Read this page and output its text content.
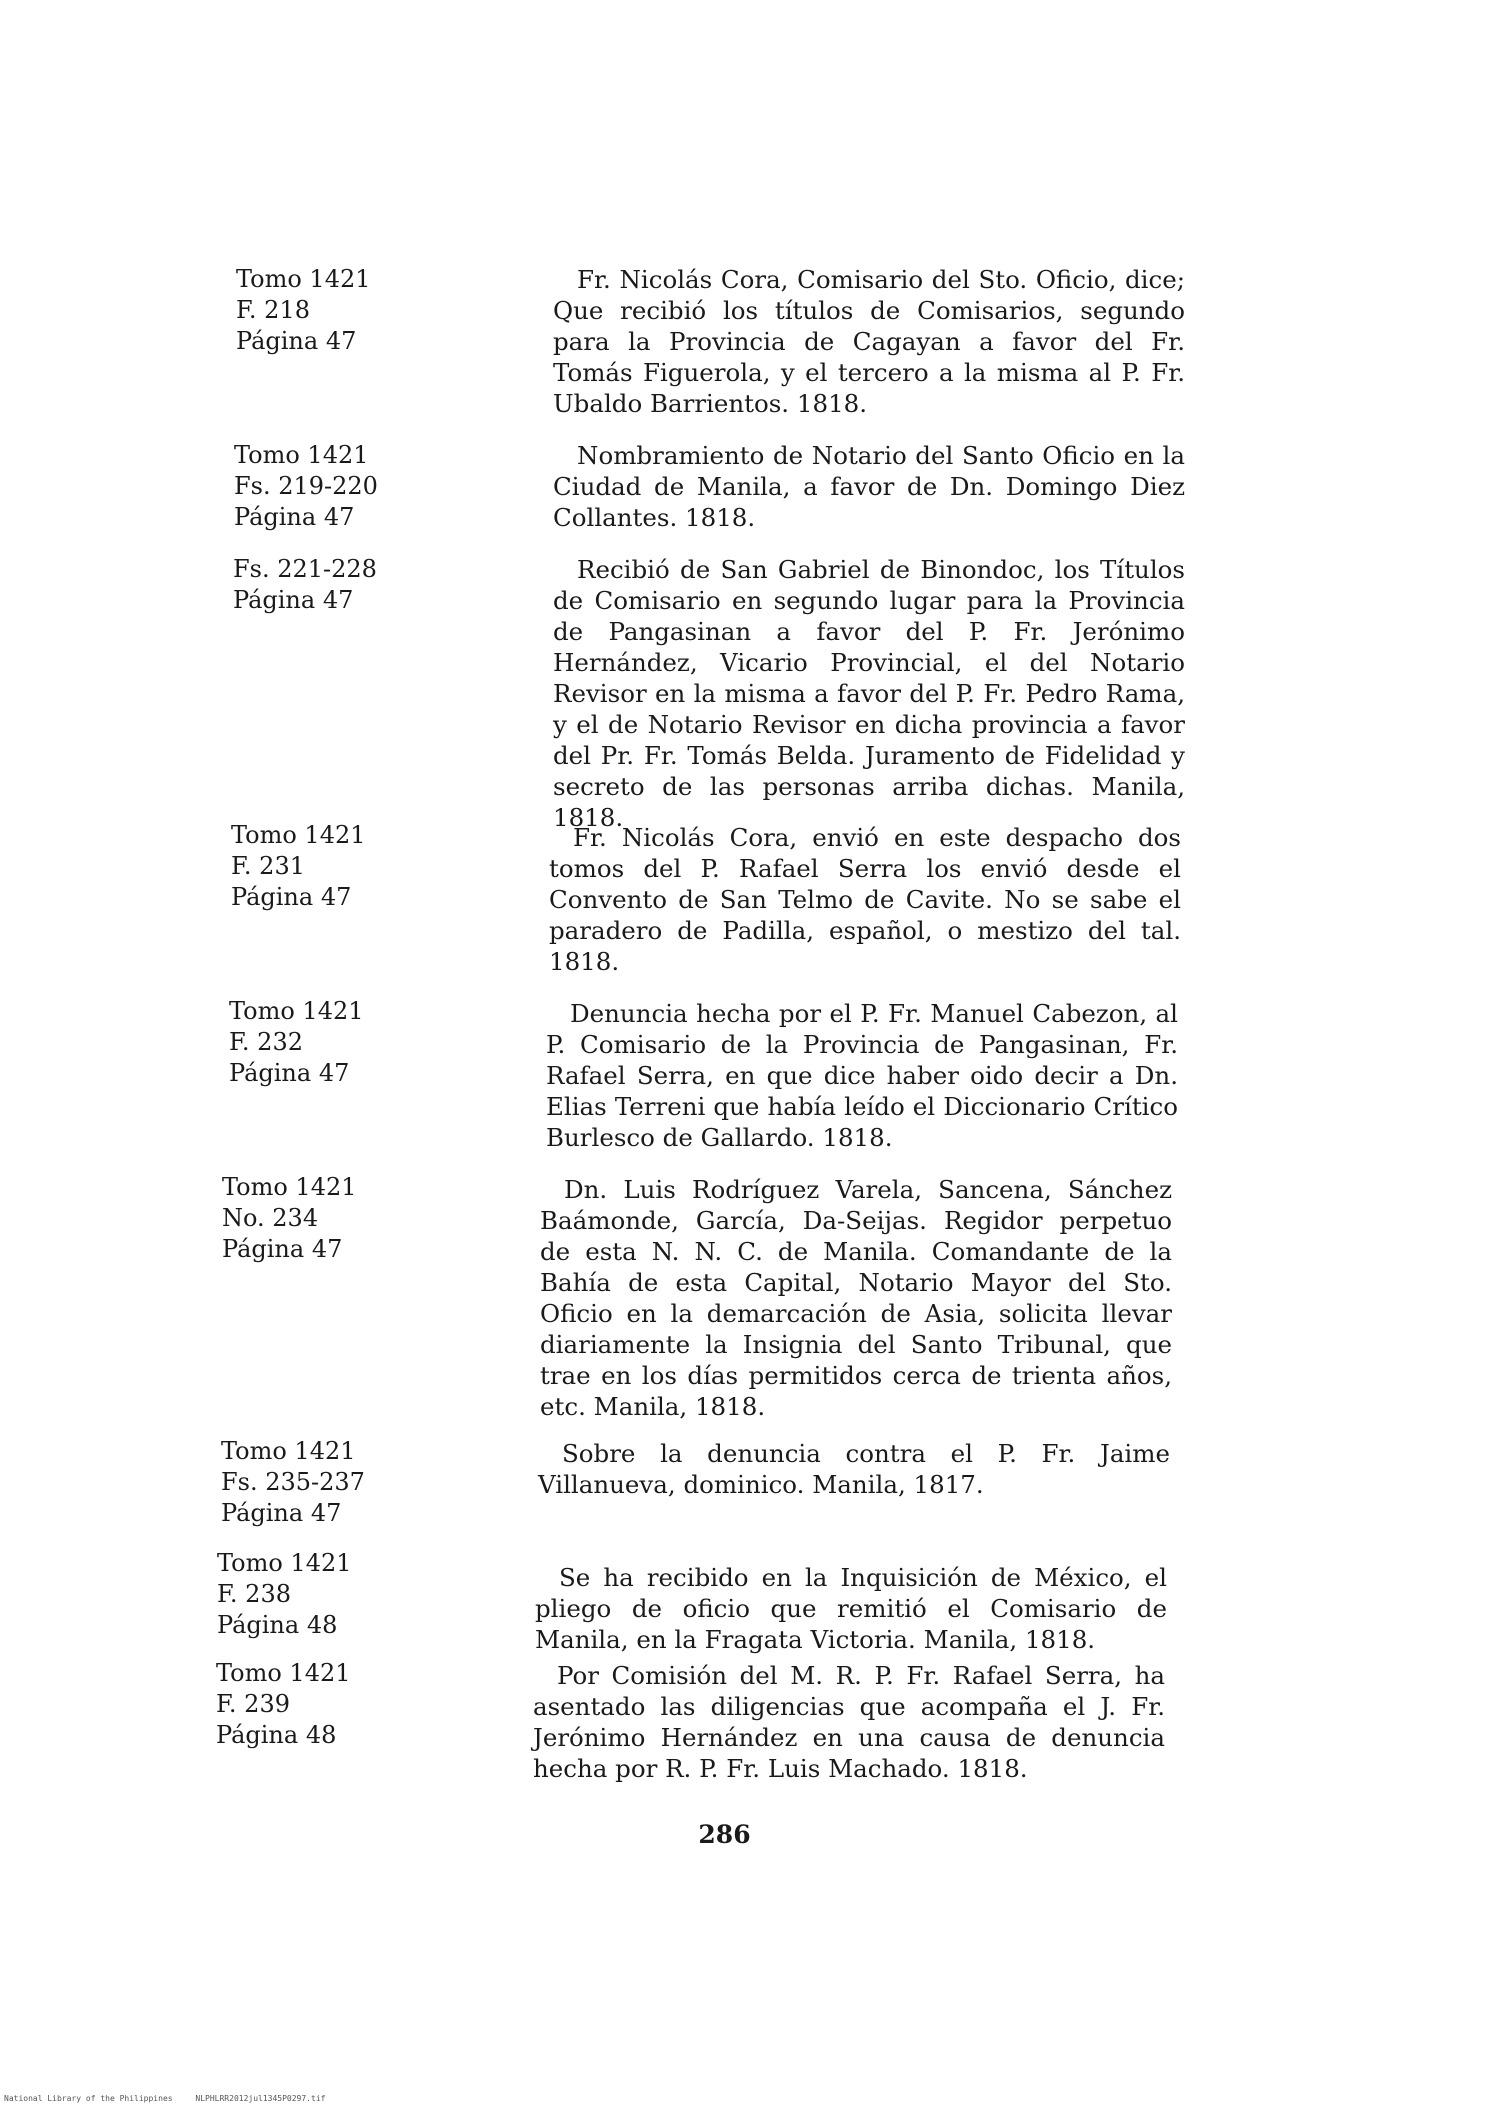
Tomo 1421
F. 218
Página 47

Fr. Nicolás Cora, Comisario del Sto. Oficio, dice; Que recibió los títulos de Comisarios, segundo para la Provincia de Cagayan a favor del Fr. Tomás Figuerola, y el tercero a la misma al P. Fr. Ubaldo Barrientos. 1818.

Tomo 1421
Fs. 219-220
Página 47

Nombramiento de Notario del Santo Oficio en la Ciudad de Manila, a favor de Dn. Domingo Diez Collantes. 1818.

Fs. 221-228
Página 47

Recibió de San Gabriel de Binondoc, los Títulos de Comisario en segundo lugar para la Provincia de Pangasinan a favor del P. Fr. Jerónimo Hernández, Vicario Provincial, el del Notario Revisor en la misma a favor del P. Fr. Pedro Rama, y el de Notario Revisor en dicha provincia a favor del Pr. Fr. Tomás Belda. Juramento de Fidelidad y secreto de las personas arriba dichas. Manila, 1818.

Tomo 1421
F. 231
Página 47

Fr. Nicolás Cora, envió en este despacho dos tomos del P. Rafael Serra los envió desde el Convento de San Telmo de Cavite. No se sabe el paradero de Padilla, español, o mestizo del tal. 1818.

Tomo 1421
F. 232
Página 47

Denuncia hecha por el P. Fr. Manuel Cabezon, al P. Comisario de la Provincia de Pangasinan, Fr. Rafael Serra, en que dice haber oido decir a Dn. Elias Terreni que había leído el Diccionario Crítico Burlesco de Gallardo. 1818.

Tomo 1421
No. 234
Página 47

Dn. Luis Rodríguez Varela, Sancena, Sánchez Baámonde, García, Da-Seijas. Regidor perpetuo de esta N. N. C. de Manila. Comandante de la Bahía de esta Capital, Notario Mayor del Sto. Oficio en la demarcación de Asia, solicita llevar diariamente la Insignia del Santo Tribunal, que trae en los días permitidos cerca de trienta años, etc. Manila, 1818.

Tomo 1421
Fs. 235-237
Página 47

Sobre la denuncia contra el P. Fr. Jaime Villanueva, dominico. Manila, 1817.

Tomo 1421
F. 238
Página 48

Se ha recibido en la Inquisición de México, el pliego de oficio que remitió el Comisario de Manila, en la Fragata Victoria. Manila, 1818.

Tomo 1421
F. 239
Página 48

Por Comisión del M. R. P. Fr. Rafael Serra, ha asentado las diligencias que acompaña el J. Fr. Jerónimo Hernández en una causa de denuncia hecha por R. P. Fr. Luis Machado. 1818.

286
National Library of the Philippines	NLPHLRR2012jul1345P0297.tif
